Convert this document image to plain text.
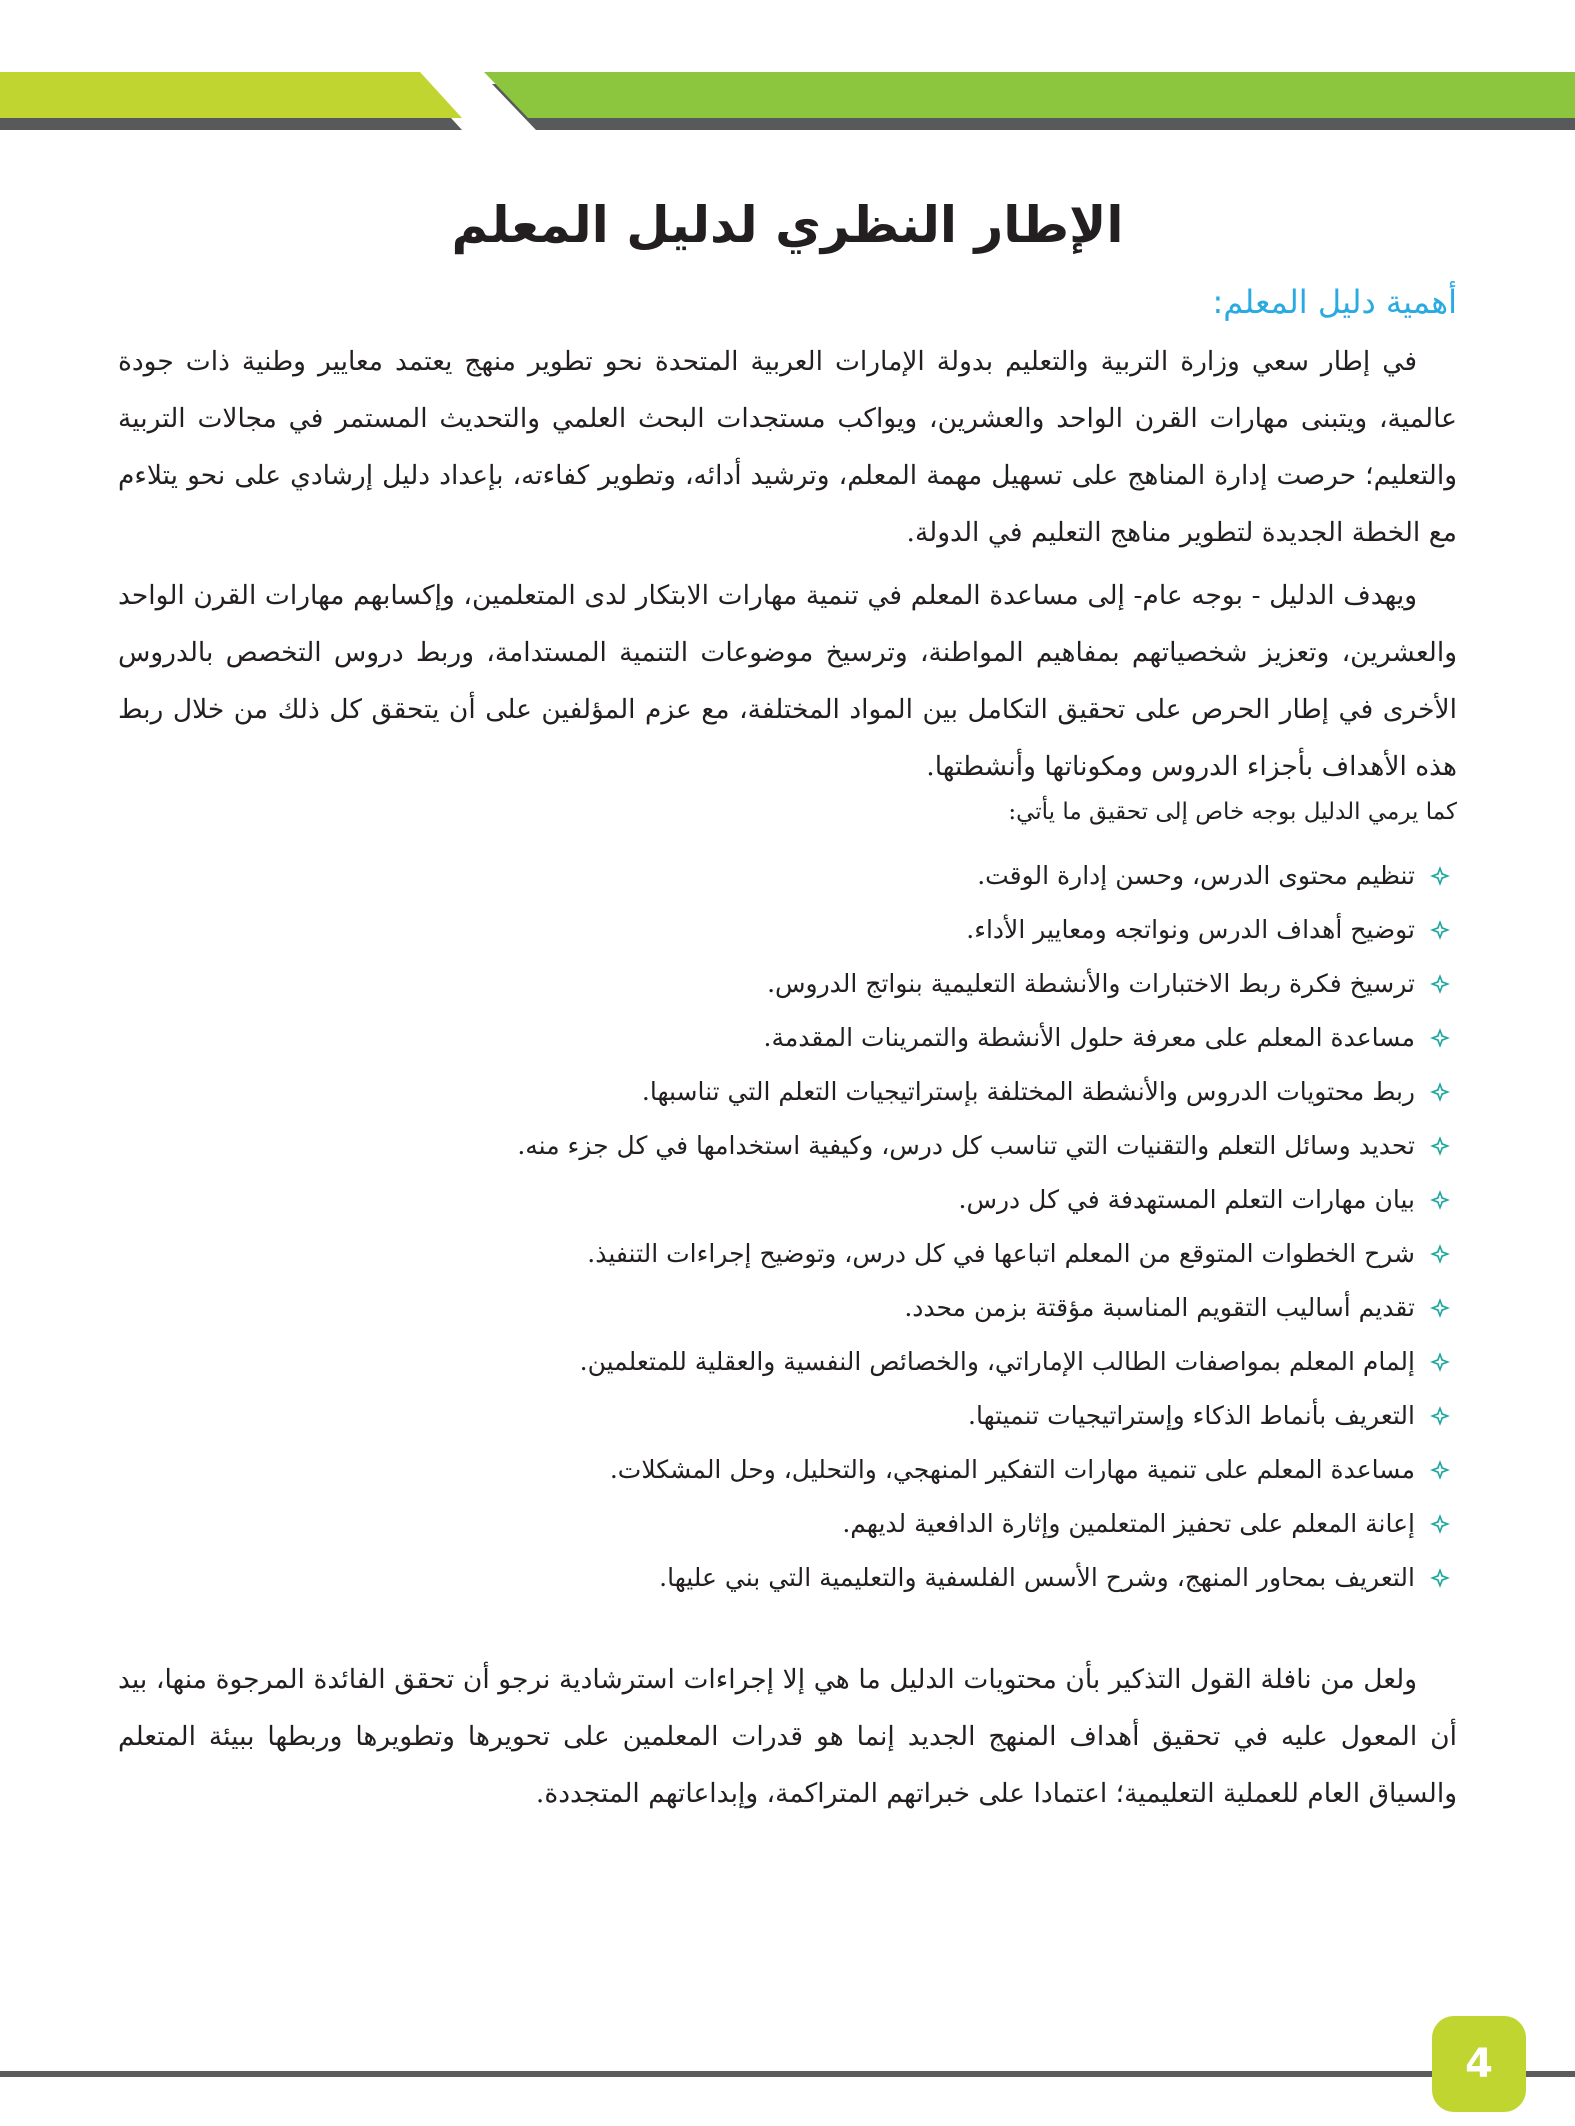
الإطار النظري لدليل المعلم
أهمية دليل المعلم:

في إطار سعي وزارة التربية والتعليم بدولة الإمارات العربية المتحدة نحو تطوير منهج يعتمد معايير وطنية ذات جودة عالمية، ويتبنى مهارات القرن الواحد والعشرين، ويواكب مستجدات البحث العلمي والتحديث المستمر في مجالات التربية والتعليم؛ حرصت إدارة المناهج على تسهيل مهمة المعلم، وترشيد أدائه، وتطوير كفاءته، بإعداد دليل إرشادي على نحو يتلاءم مع الخطة الجديدة لتطوير مناهج التعليم في الدولة.

ويهدف الدليل - بوجه عام- إلى مساعدة المعلم في تنمية مهارات الابتكار لدى المتعلمين، وإكسابهم مهارات القرن الواحد والعشرين، وتعزيز شخصياتهم بمفاهيم المواطنة، وترسيخ موضوعات التنمية المستدامة، وربط دروس التخصص بالدروس الأخرى في إطار الحرص على تحقيق التكامل بين المواد المختلفة، مع عزم المؤلفين على أن يتحقق كل ذلك من خلال ربط هذه الأهداف بأجزاء الدروس ومكوناتها وأنشطتها.

كما يرمي الدليل بوجه خاص إلى تحقيق ما يأتي:

تنظيم محتوى الدرس، وحسن إدارة الوقت.
توضيح أهداف الدرس ونواتجه ومعايير الأداء.
ترسيخ فكرة ربط الاختبارات والأنشطة التعليمية بنواتج الدروس.
مساعدة المعلم على معرفة حلول الأنشطة والتمرينات المقدمة.
ربط محتويات الدروس والأنشطة المختلفة بإستراتيجيات التعلم التي تناسبها.
تحديد وسائل التعلم والتقنيات التي تناسب كل درس، وكيفية استخدامها في كل جزء منه.
بيان مهارات التعلم المستهدفة في كل درس.
شرح الخطوات المتوقع من المعلم اتباعها في كل درس، وتوضيح إجراءات التنفيذ.
تقديم أساليب التقويم المناسبة مؤقتة بزمن محدد.
إلمام المعلم بمواصفات الطالب الإماراتي، والخصائص النفسية والعقلية للمتعلمين.
التعريف بأنماط الذكاء وإستراتيجيات تنميتها.
مساعدة المعلم على تنمية مهارات التفكير المنهجي، والتحليل، وحل المشكلات.
إعانة المعلم على تحفيز المتعلمين وإثارة الدافعية لديهم.
التعريف بمحاور المنهج، وشرح الأسس الفلسفية والتعليمية التي بني عليها.

ولعل من نافلة القول التذكير بأن محتويات الدليل ما هي إلا إجراءات استرشادية نرجو أن تحقق الفائدة المرجوة منها، بيد أن المعول عليه في تحقيق أهداف المنهج الجديد إنما هو قدرات المعلمين على تحويرها وتطويرها وربطها ببيئة المتعلم والسياق العام للعملية التعليمية؛ اعتمادا على خبراتهم المتراكمة، وإبداعاتهم المتجددة.

4
